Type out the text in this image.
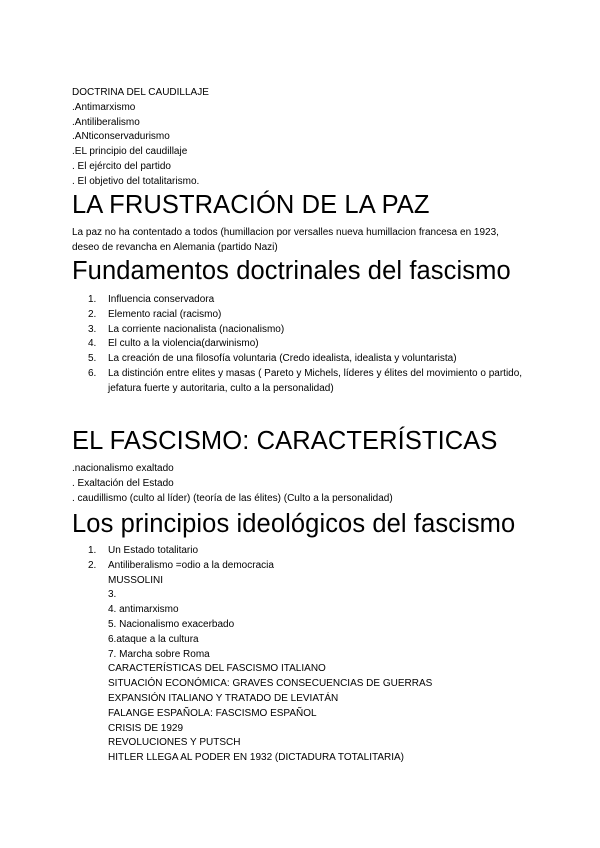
DOCTRINA DEL CAUDILLAJE
.Antimarxismo
.Antiliberalismo
.ANticonservadurismo
.EL principio del caudillaje
. El ejército del partido
. El objetivo del totalitarismo.
LA FRUSTRACIÓN DE LA PAZ

La paz no ha contentado a todos (humillacion por versalles nueva humillacion francesa en 1923, deseo de revancha en Alemania (partido Nazi)

Fundamentos doctrinales del fascismo
1. Influencia conservadora
2. Elemento racial (racismo)
3. La corriente nacionalista (nacionalismo)
4. El culto a la violencia(darwinismo)
5. La creación de una filosofía voluntaria (Credo idealista, idealista y voluntarista)
6. La distinción entre elites y masas ( Pareto y Michels, líderes y élites del movimiento o partido, jefatura fuerte y autoritaria, culto a la personalidad)
EL FASCISMO: CARACTERÍSTICAS
.nacionalismo exaltado
. Exaltación del Estado
. caudillismo (culto al líder) (teoría de las élites) (Culto a la personalidad)
Los principios ideológicos del fascismo
1. Un Estado totalitario
2. Antiliberalismo =odio a la democracia
MUSSOLINI
3.
4. antimarxismo
5. Nacionalismo exacerbado
6.ataque a la cultura
7. Marcha sobre Roma
CARACTERÍSTICAS DEL FASCISMO ITALIANO
SITUACIÓN ECONÓMICA: GRAVES CONSECUENCIAS DE GUERRAS
EXPANSIÓN ITALIANO Y TRATADO DE LEVIATÁN
FALANGE ESPAÑOLA: FASCISMO ESPAÑOL
CRISIS DE 1929
REVOLUCIONES Y PUTSCH
HITLER LLEGA AL PODER EN 1932 (DICTADURA TOTALITARIA)
